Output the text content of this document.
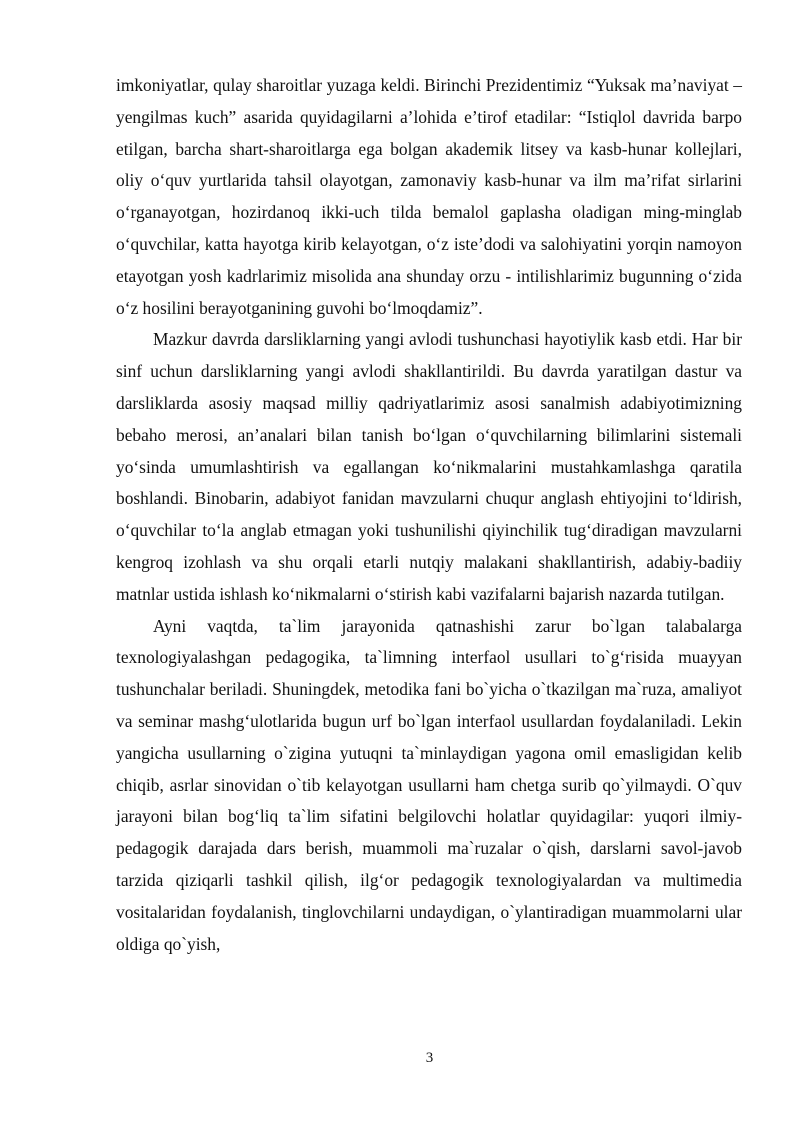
imkoniyatlar, qulay sharoitlar yuzaga keldi. Birinchi Prezidentimiz “Yuksak ma’naviyat – yengilmas kuch” asarida quyidagilarni a’lohida e’tirof etadilar: “Istiqlol davrida barpo etilgan, barcha shart-sharoitlarga ega bolgan akademik litsey va kasb-hunar kollejlari, oliy o‘quv yurtlarida tahsil olayotgan, zamonaviy kasb-hunar va ilm ma’rifat sirlarini o‘rganayotgan, hozirdanoq ikki-uch tilda bemalol gaplasha oladigan ming-minglab o‘quvchilar, katta hayotga kirib kelayotgan, o‘z iste’dodi va salohiyatini yorqin namoyon etayotgan yosh kadrlarimiz misolida ana shunday orzu - intilishlarimiz bugunning o‘zida o‘z hosilini berayotganining guvohi bo‘lmoqdamiz”.

Mazkur davrda darsliklarning yangi avlodi tushunchasi hayotiylik kasb etdi. Har bir sinf uchun darsliklarning yangi avlodi shakllantirildi. Bu davrda yaratilgan dastur va darsliklarda asosiy maqsad milliy qadriyatlarimiz asosi sanalmish adabiyotimizning bebaho merosi, an’analari bilan tanish bo‘lgan o‘quvchilarning bilimlarini sistemali yo‘sinda umumlashtirish va egallangan ko‘nikmalarini mustahkamlashga qaratila boshlandi. Binobarin, adabiyot fanidan mavzularni chuqur anglash ehtiyojini to‘ldirish, o‘quvchilar to‘la anglab etmagan yoki tushunilishi qiyinchilik tug‘diradigan mavzularni kengroq izohlash va shu orqali etarli nutqiy malakani shakllantirish, adabiy-badiiy matnlar ustida ishlash ko‘nikmalarni o‘stirish kabi vazifalarni bajarish nazarda tutilgan.

Ayni vaqtda, ta`lim jarayonida qatnashishi zarur bo`lgan talabalarga texnologiyalashgan pedagogika, ta`limning interfaol usullari to`g‘risida muayyan tushunchalar beriladi. Shuningdek, metodika fani bo`yicha o`tkazilgan ma`ruza, amaliyot va seminar mashg‘ulotlarida bugun urf bo`lgan interfaol usullardan foydalaniladi. Lekin yangicha usullarning o`zigina yutuqni ta`minlaydigan yagona omil emasligidan kelib chiqib, asrlar sinovidan o`tib kelayotgan usullarni ham chetga surib qo`yilmaydi. O`quv jarayoni bilan bog‘liq ta`lim sifatini belgilovchi holatlar quyidagilar: yuqori ilmiy-pedagogik darajada dars berish, muammoli ma`ruzalar o`qish, darslarni savol-javob tarzida qiziqarli tashkil qilish, ilg‘or pedagogik texnologiyalardan va multimedia vositalaridan foydalanish, tinglovchilarni undaydigan, o`ylantiradigan muammolarni ular oldiga qo`yish,

3
